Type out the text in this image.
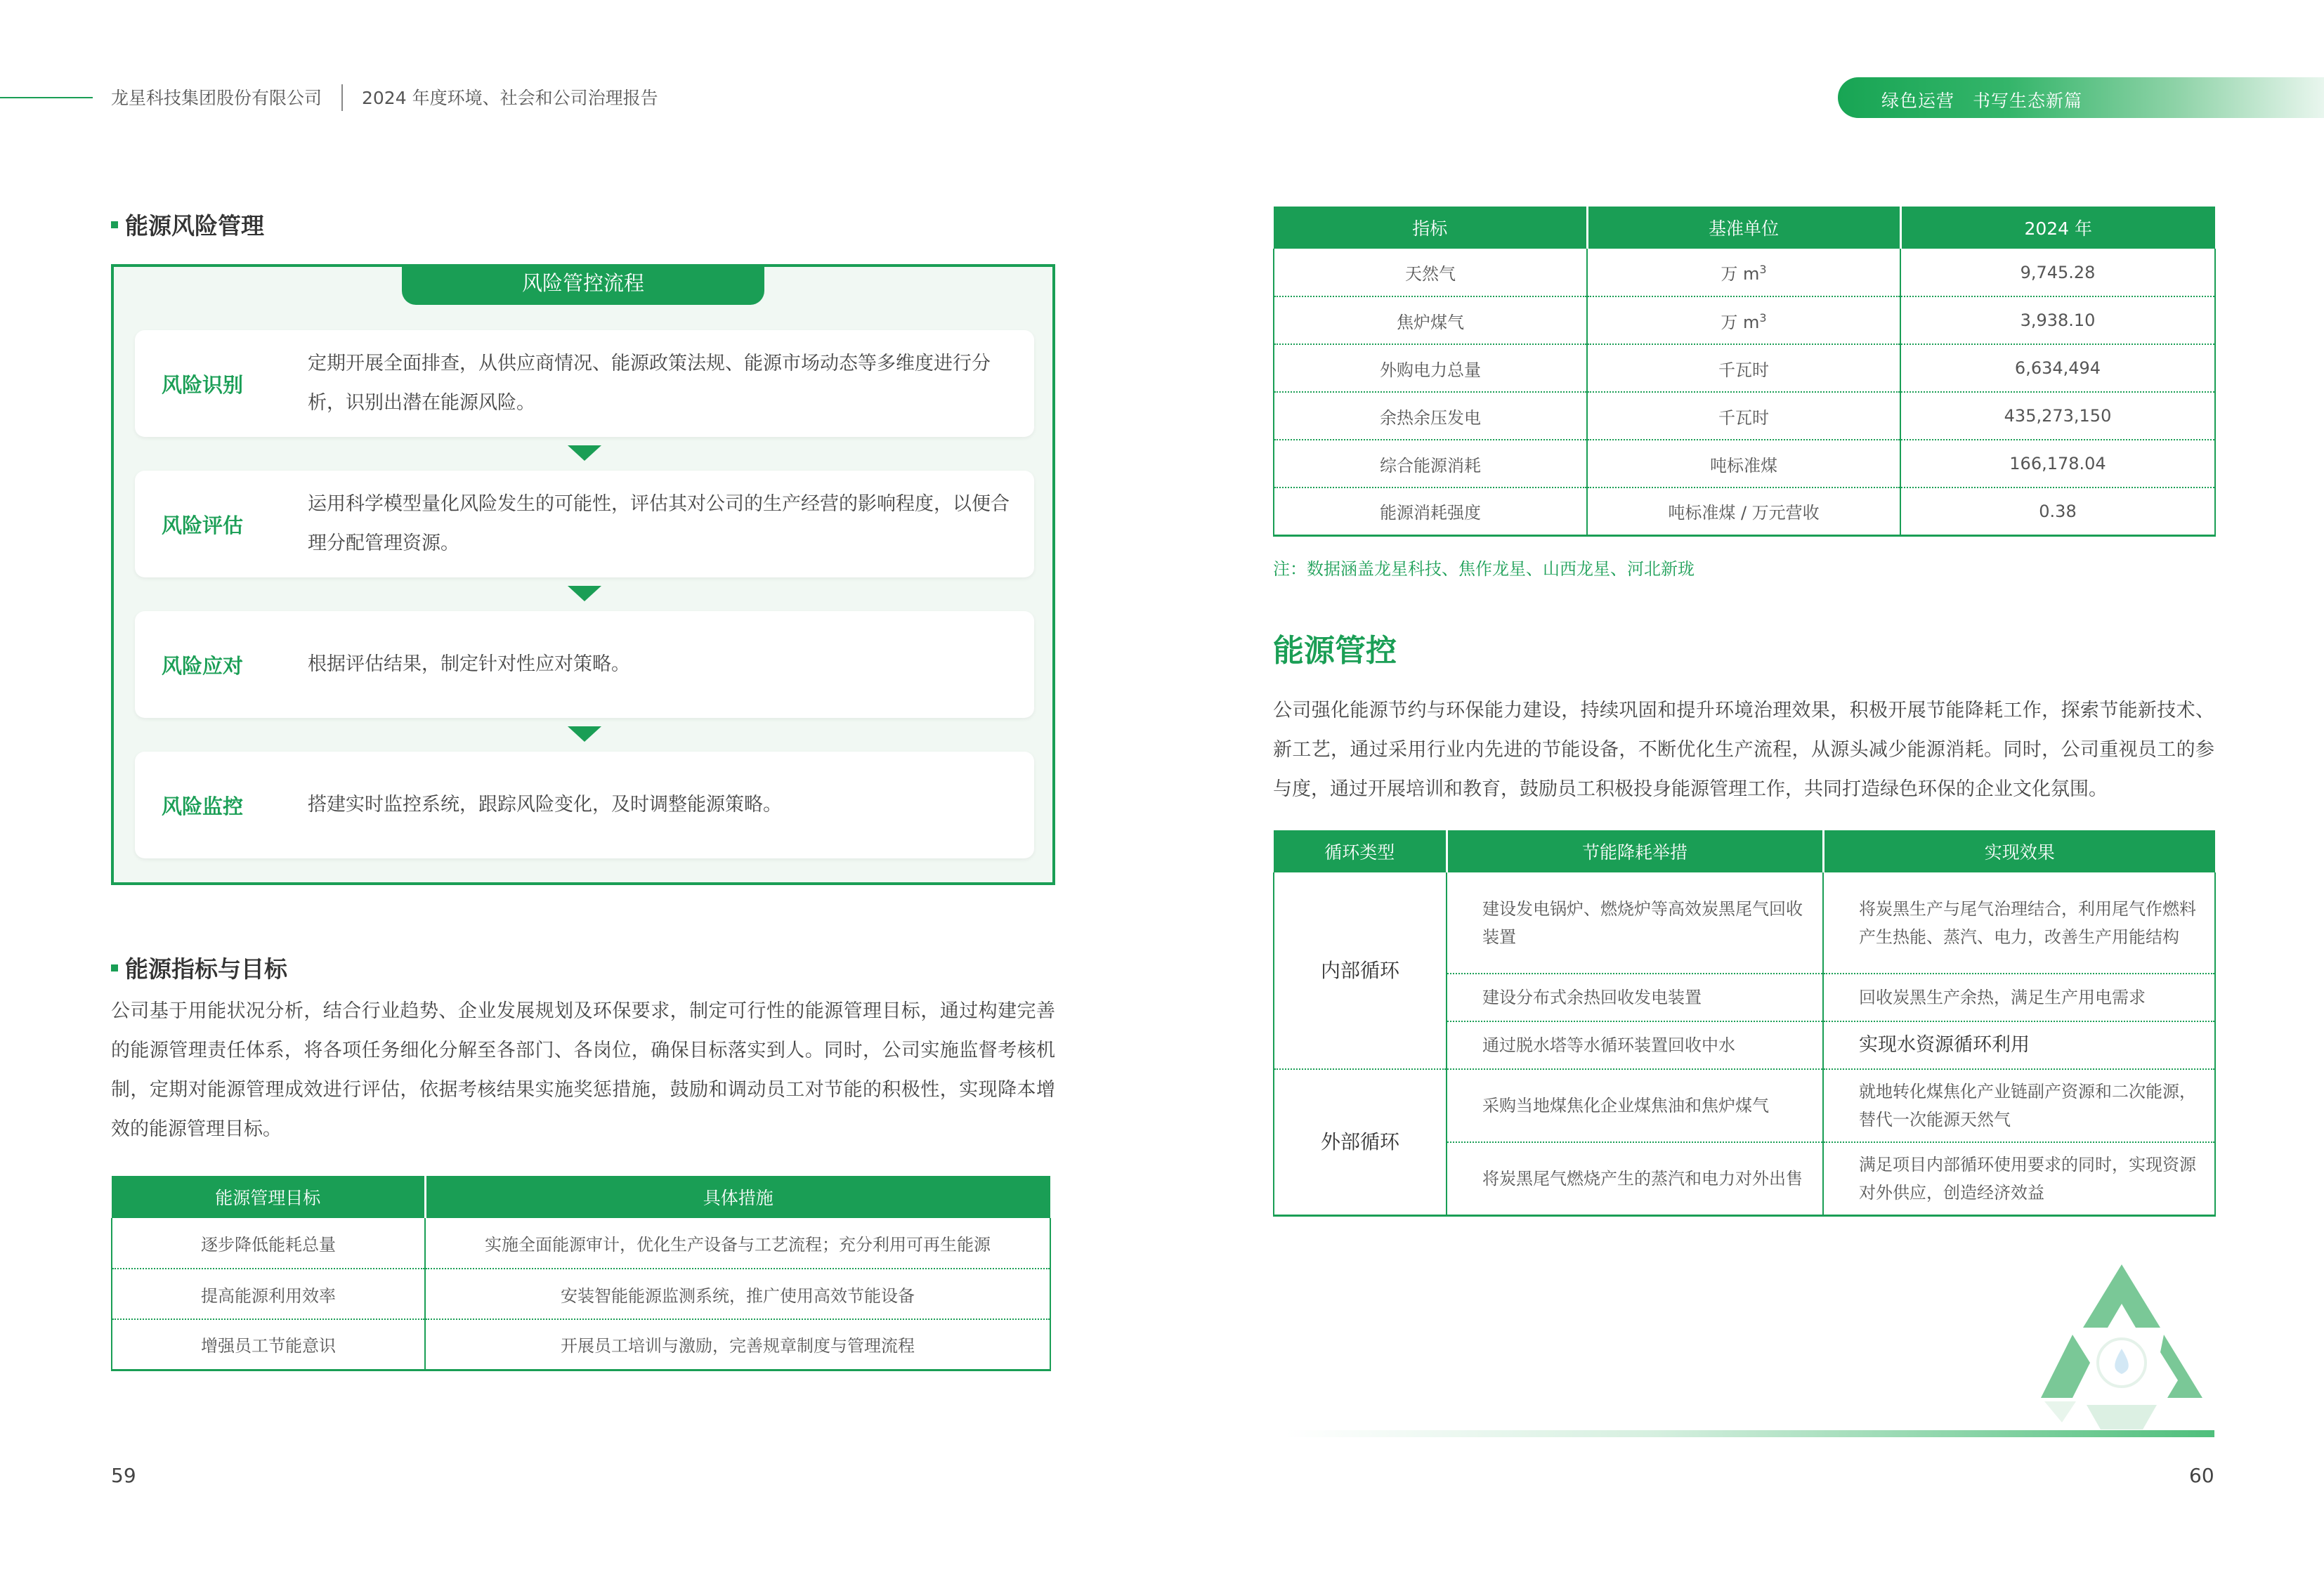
龙星科技集团股份有限公司 2024 年度环境、社会和公司治理报告	绿色运营　书写生态新篇
能源风险管理
风险管控流程
风险识别
定期开展全面排查，从供应商情况、能源政策法规、能源市场动态等多维度进行分析，识别出潜在能源风险。
风险评估
运用科学模型量化风险发生的可能性，评估其对公司的生产经营的影响程度，以便合理分配管理资源。
风险应对	根据评估结果，制定针对性应对策略。
风险监控	搭建实时监控系统，跟踪风险变化，及时调整能源策略。
能源指标与目标
公司基于用能状况分析，结合行业趋势、企业发展规划及环保要求，制定可行性的能源管理目标，通过构建完善的能源管理责任体系，将各项任务细化分解至各部门、各岗位，确保目标落实到人。同时，公司实施监督考核机制，定期对能源管理成效进行评估，依据考核结果实施奖惩措施，鼓励和调动员工对节能的积极性，实现降本增效的能源管理目标。
能源管理目标	具体措施
逐步降低能耗总量	实施全面能源审计，优化生产设备与工艺流程；充分利用可再生能源
提高能源利用效率	安装智能能源监测系统，推广使用高效节能设备
增强员工节能意识	开展员工培训与激励，完善规章制度与管理流程
59
指标	基准单位	2024 年
天然气	万 $m^3$	9,745.28
焦炉煤气	万 $m^3$	3,938.10
外购电力总量	千瓦时	6,634,494
余热余压发电	千瓦时	435,273,150
综合能源消耗	吨标准煤	166,178.04
能源消耗强度	吨标准煤 / 万元营收	0.38
注：数据涵盖龙星科技、焦作龙星、山西龙星、河北新珑
能源管控
公司强化能源节约与环保能力建设，持续巩固和提升环境治理效果，积极开展节能降耗工作，探索节能新技术、新工艺，通过采用行业内先进的节能设备，不断优化生产流程，从源头减少能源消耗。同时，公司重视员工的参与度，通过开展培训和教育，鼓励员工积极投身能源管理工作，共同打造绿色环保的企业文化氛围。
循环类型	节能降耗举措	实现效果
内部循环	建设发电锅炉、燃烧炉等高效炭黑尾气回收装置	将炭黑生产与尾气治理结合，利用尾气作燃料产生热能、蒸汽、电力，改善生产用能结构
	建设分布式余热回收发电装置	回收炭黑生产余热，满足生产用电需求
	通过脱水塔等水循环装置回收中水	实现水资源循环利用
外部循环	采购当地煤焦化企业煤焦油和焦炉煤气	就地转化煤焦化产业链副产资源和二次能源，替代一次能源天然气
	将炭黑尾气燃烧产生的蒸汽和电力对外出售	满足项目内部循环使用要求的同时，实现资源对外供应，创造经济效益
60
